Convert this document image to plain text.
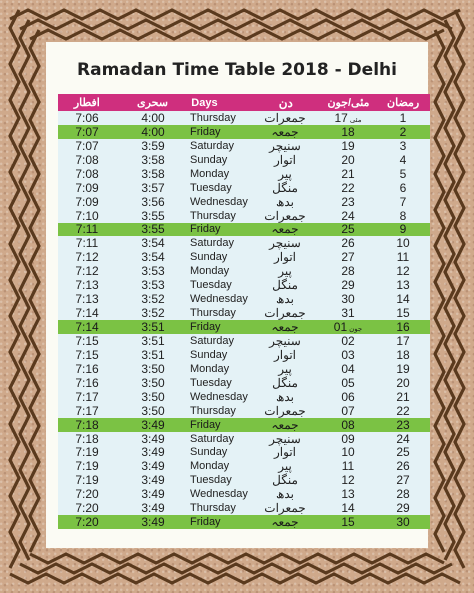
Ramadan Time Table 2018 - Delhi
افطار	سحری	Days	دن	مئی/جون	رمضان
7:06	4:00	Thursday	جمعرات	17 مئی	1
7:07	4:00	Friday	جمعہ	18	2
7:07	3:59	Saturday	سنیچر	19	3
7:08	3:58	Sunday	اتوار	20	4
7:08	3:58	Monday	پیر	21	5
7:09	3:57	Tuesday	منگل	22	6
7:09	3:56	Wednesday	بدھ	23	7
7:10	3:55	Thursday	جمعرات	24	8
7:11	3:55	Friday	جمعہ	25	9
7:11	3:54	Saturday	سنیچر	26	10
7:12	3:54	Sunday	اتوار	27	11
7:12	3:53	Monday	پیر	28	12
7:13	3:53	Tuesday	منگل	29	13
7:13	3:52	Wednesday	بدھ	30	14
7:14	3:52	Thursday	جمعرات	31	15
7:14	3:51	Friday	جمعہ	01 جون	16
7:15	3:51	Saturday	سنیچر	02	17
7:15	3:51	Sunday	اتوار	03	18
7:16	3:50	Monday	پیر	04	19
7:16	3:50	Tuesday	منگل	05	20
7:17	3:50	Wednesday	بدھ	06	21
7:17	3:50	Thursday	جمعرات	07	22
7:18	3:49	Friday	جمعہ	08	23
7:18	3:49	Saturday	سنیچر	09	24
7:19	3:49	Sunday	اتوار	10	25
7:19	3:49	Monday	پیر	11	26
7:19	3:49	Tuesday	منگل	12	27
7:20	3:49	Wednesday	بدھ	13	28
7:20	3:49	Thursday	جمعرات	14	29
7:20	3:49	Friday	جمعہ	15	30
